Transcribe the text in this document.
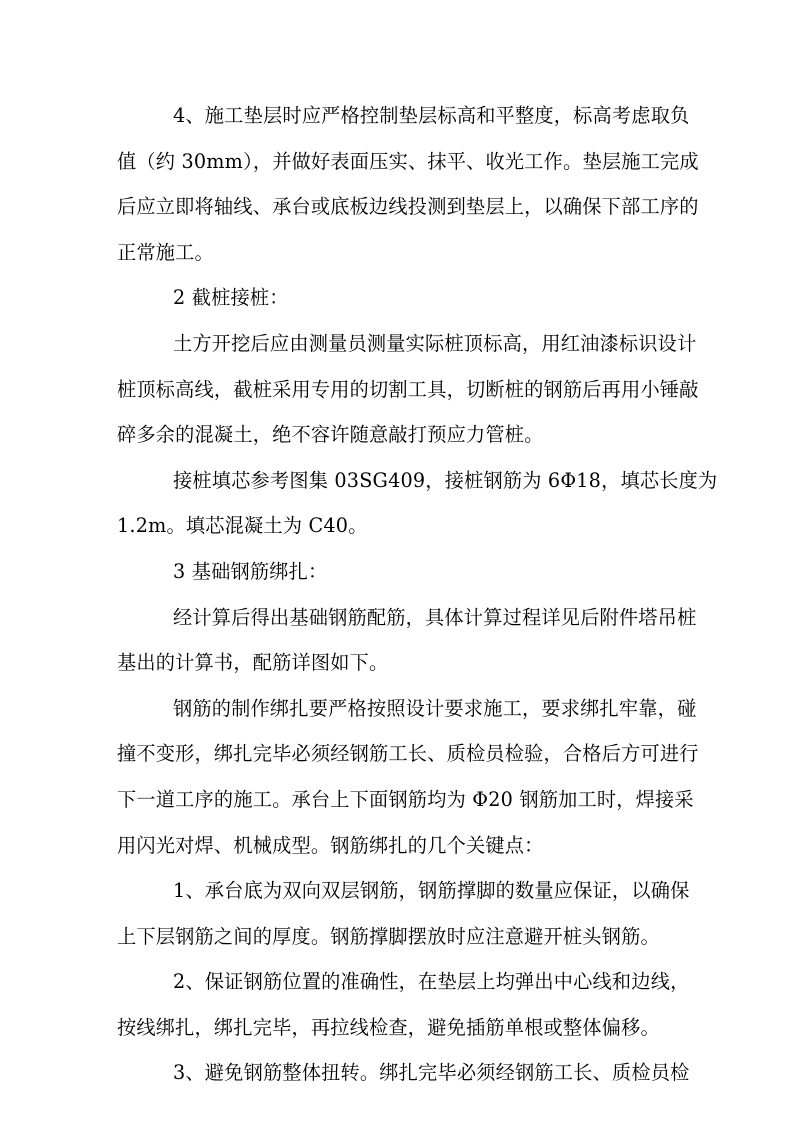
4、施工垫层时应严格控制垫层标高和平整度，标高考虑取负
值（约 30mm），并做好表面压实、抹平、收光工作。垫层施工完成
后应立即将轴线、承台或底板边线投测到垫层上，以确保下部工序的
正常施工。
2 截桩接桩：
土方开挖后应由测量员测量实际桩顶标高，用红油漆标识设计
桩顶标高线，截桩采用专用的切割工具，切断桩的钢筋后再用小锤敲
碎多余的混凝土，绝不容许随意敲打预应力管桩。
接桩填芯参考图集 03SG409，接桩钢筋为 6Φ18，填芯长度为
1.2m。填芯混凝土为 C40。
3 基础钢筋绑扎：
经计算后得出基础钢筋配筋，具体计算过程详见后附件塔吊桩
基出的计算书，配筋详图如下。
钢筋的制作绑扎要严格按照设计要求施工，要求绑扎牢靠，碰
撞不变形，绑扎完毕必须经钢筋工长、质检员检验，合格后方可进行
下一道工序的施工。承台上下面钢筋均为 Φ20 钢筋加工时，焊接采
用闪光对焊、机械成型。钢筋绑扎的几个关键点：
1、承台底为双向双层钢筋，钢筋撑脚的数量应保证，以确保
上下层钢筋之间的厚度。钢筋撑脚摆放时应注意避开桩头钢筋。
2、保证钢筋位置的准确性，在垫层上均弹出中心线和边线，
按线绑扎，绑扎完毕，再拉线检查，避免插筋单根或整体偏移。
3、避免钢筋整体扭转。绑扎完毕必须经钢筋工长、质检员检
